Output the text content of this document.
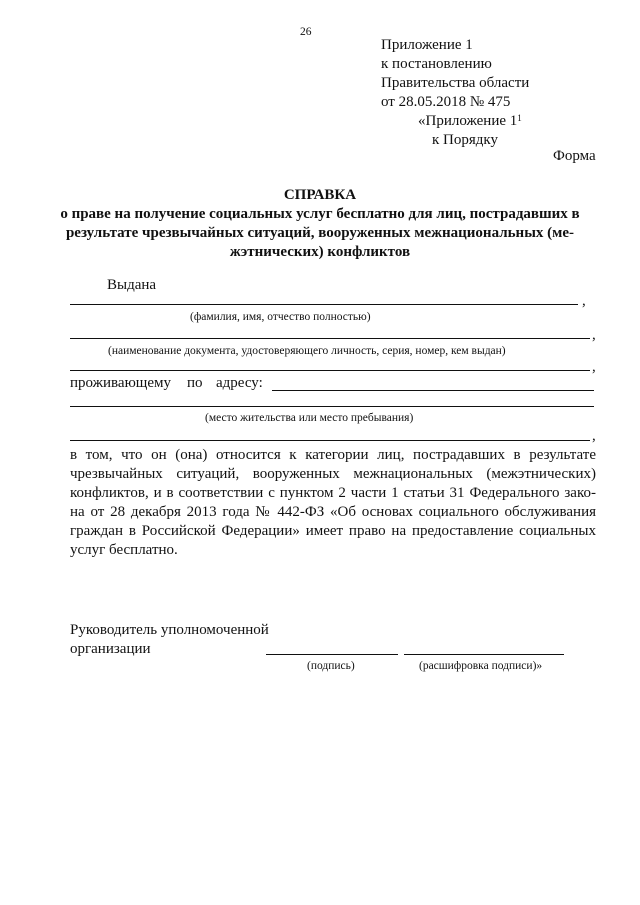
26
Приложение 1
к постановлению
Правительства области
от 28.05.2018 № 475
«Приложение $1^1$
к Порядку
Форма
СПРАВКА
о праве на получение социальных услуг бесплатно для лиц, пострадавших в
результате чрезвычайных ситуаций, вооруженных межнациональных (ме-
жэтнических) конфликтов
Выдана
,
(фамилия, имя, отчество полностью)
,
(наименование документа, удостоверяющего личность, серия, номер, кем выдан)
,
проживающему по адресу:
(место жительства или место пребывания)
,
в том, что он (она) относится к категории лиц, пострадавших в результате
чрезвычайных ситуаций, вооруженных межнациональных (межэтнических)
конфликтов, и в соответствии с пунктом 2 части 1 статьи 31 Федерального зако-
на от 28 декабря 2013 года № 442-ФЗ «Об основах социального обслуживания
граждан в Российской Федерации» имеет право на предоставление социальных
услуг бесплатно.
Руководитель уполномоченной
организации
(подпись)	(расшифровка подписи)»
